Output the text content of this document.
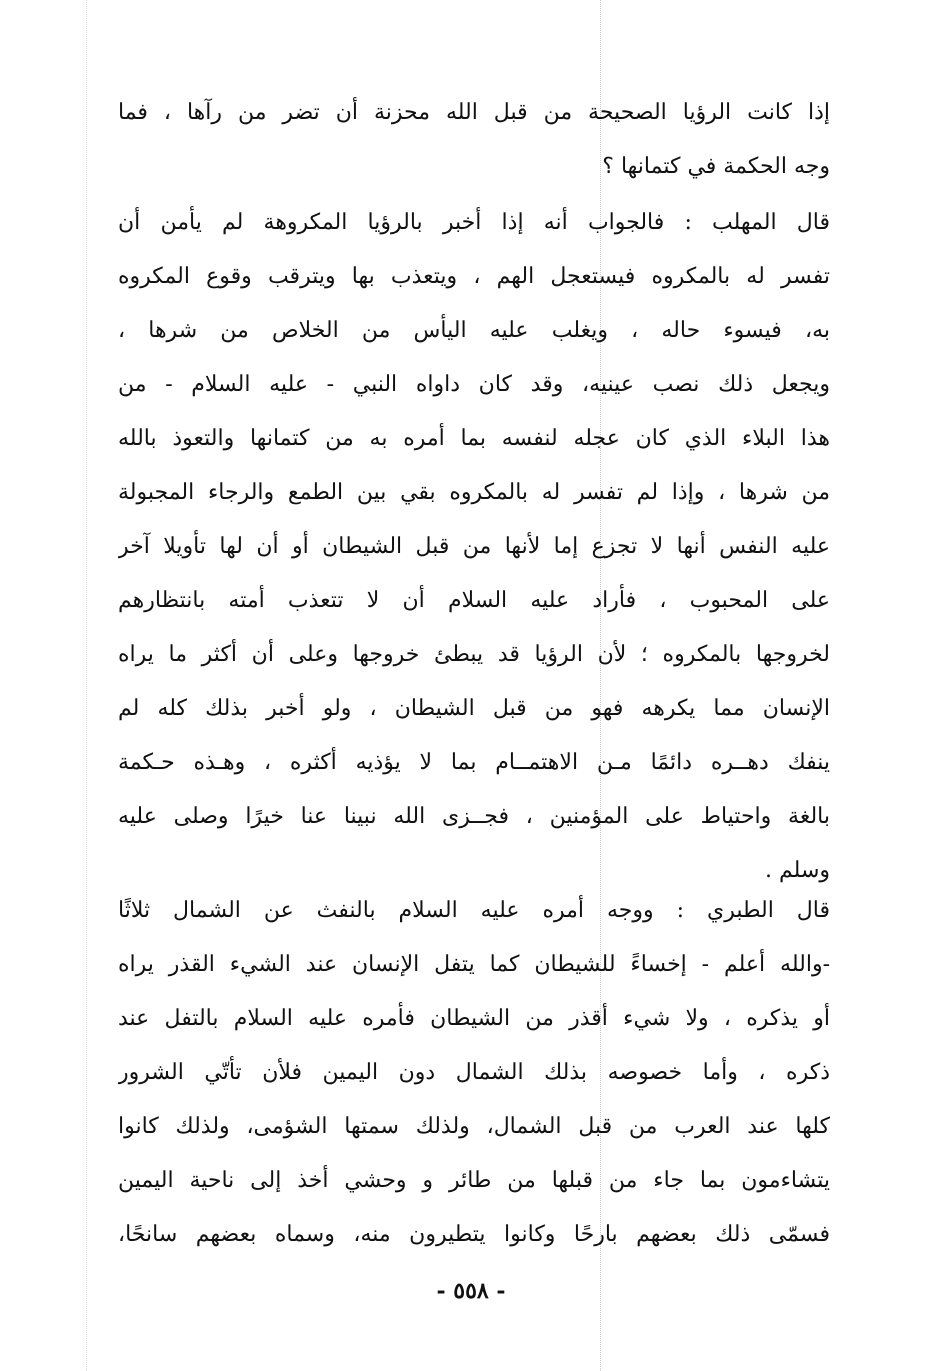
إذا كانت الرؤيا الصحيحة من قبل الله محزنة أن تضر من رآها ، فما
وجه الحكمة في كتمانها ؟
قال المهلب : فالجواب أنه إذا أخبر بالرؤيا المكروهة لم يأمن أن
تفسر له بالمكروه فيستعجل الهم ، ويتعذب بها ويترقب وقوع المكروه
به، فيسوء حاله ، ويغلب عليه اليأس من الخلاص من شرها ،
ويجعل ذلك نصب عينيه، وقد كان داواه النبي - عليه السلام - من
هذا البلاء الذي كان عجله لنفسه بما أمره به من كتمانها والتعوذ بالله
من شرها ، وإذا لم تفسر له بالمكروه بقي بين الطمع والرجاء المجبولة
عليه النفس أنها لا تجزع إما لأنها من قبل الشيطان أو أن لها تأويلا آخر
على المحبوب ، فأراد عليه السلام أن لا تتعذب أمته بانتظارهم
لخروجها بالمكروه ؛ لأن الرؤيا قد يبطئ خروجها وعلى أن أكثر ما يراه
الإنسان مما يكرهه فهو من قبل الشيطان ، ولو أخبر بذلك كله لم
ينفك دهــره دائمًا مـن الاهتمــام بما لا يؤذيه أكثره ، وهـذه حـكمة
بالغة واحتياط على المؤمنين ، فجــزى الله نبينا عنا خيرًا وصلى عليه
وسلم .
قال الطبري : ووجه أمره عليه السلام بالنفث عن الشمال ثلاثًا
-والله أعلم - إخساءً للشيطان كما يتفل الإنسان عند الشيء القذر يراه
أو يذكره ، ولا شيء أقذر من الشيطان فأمره عليه السلام بالتفل عند
ذكره ، وأما خصوصه بذلك الشمال دون اليمين فلأن تأتّي الشرور
كلها عند العرب من قبل الشمال، ولذلك سمتها الشؤمى، ولذلك كانوا
يتشاءمون بما جاء من قبلها من طائر و وحشي أخذ إلى ناحية اليمين
فسمّى ذلك بعضهم بارحًا وكانوا يتطيرون منه، وسماه بعضهم سانحًا،
- ٥٥٨ -
